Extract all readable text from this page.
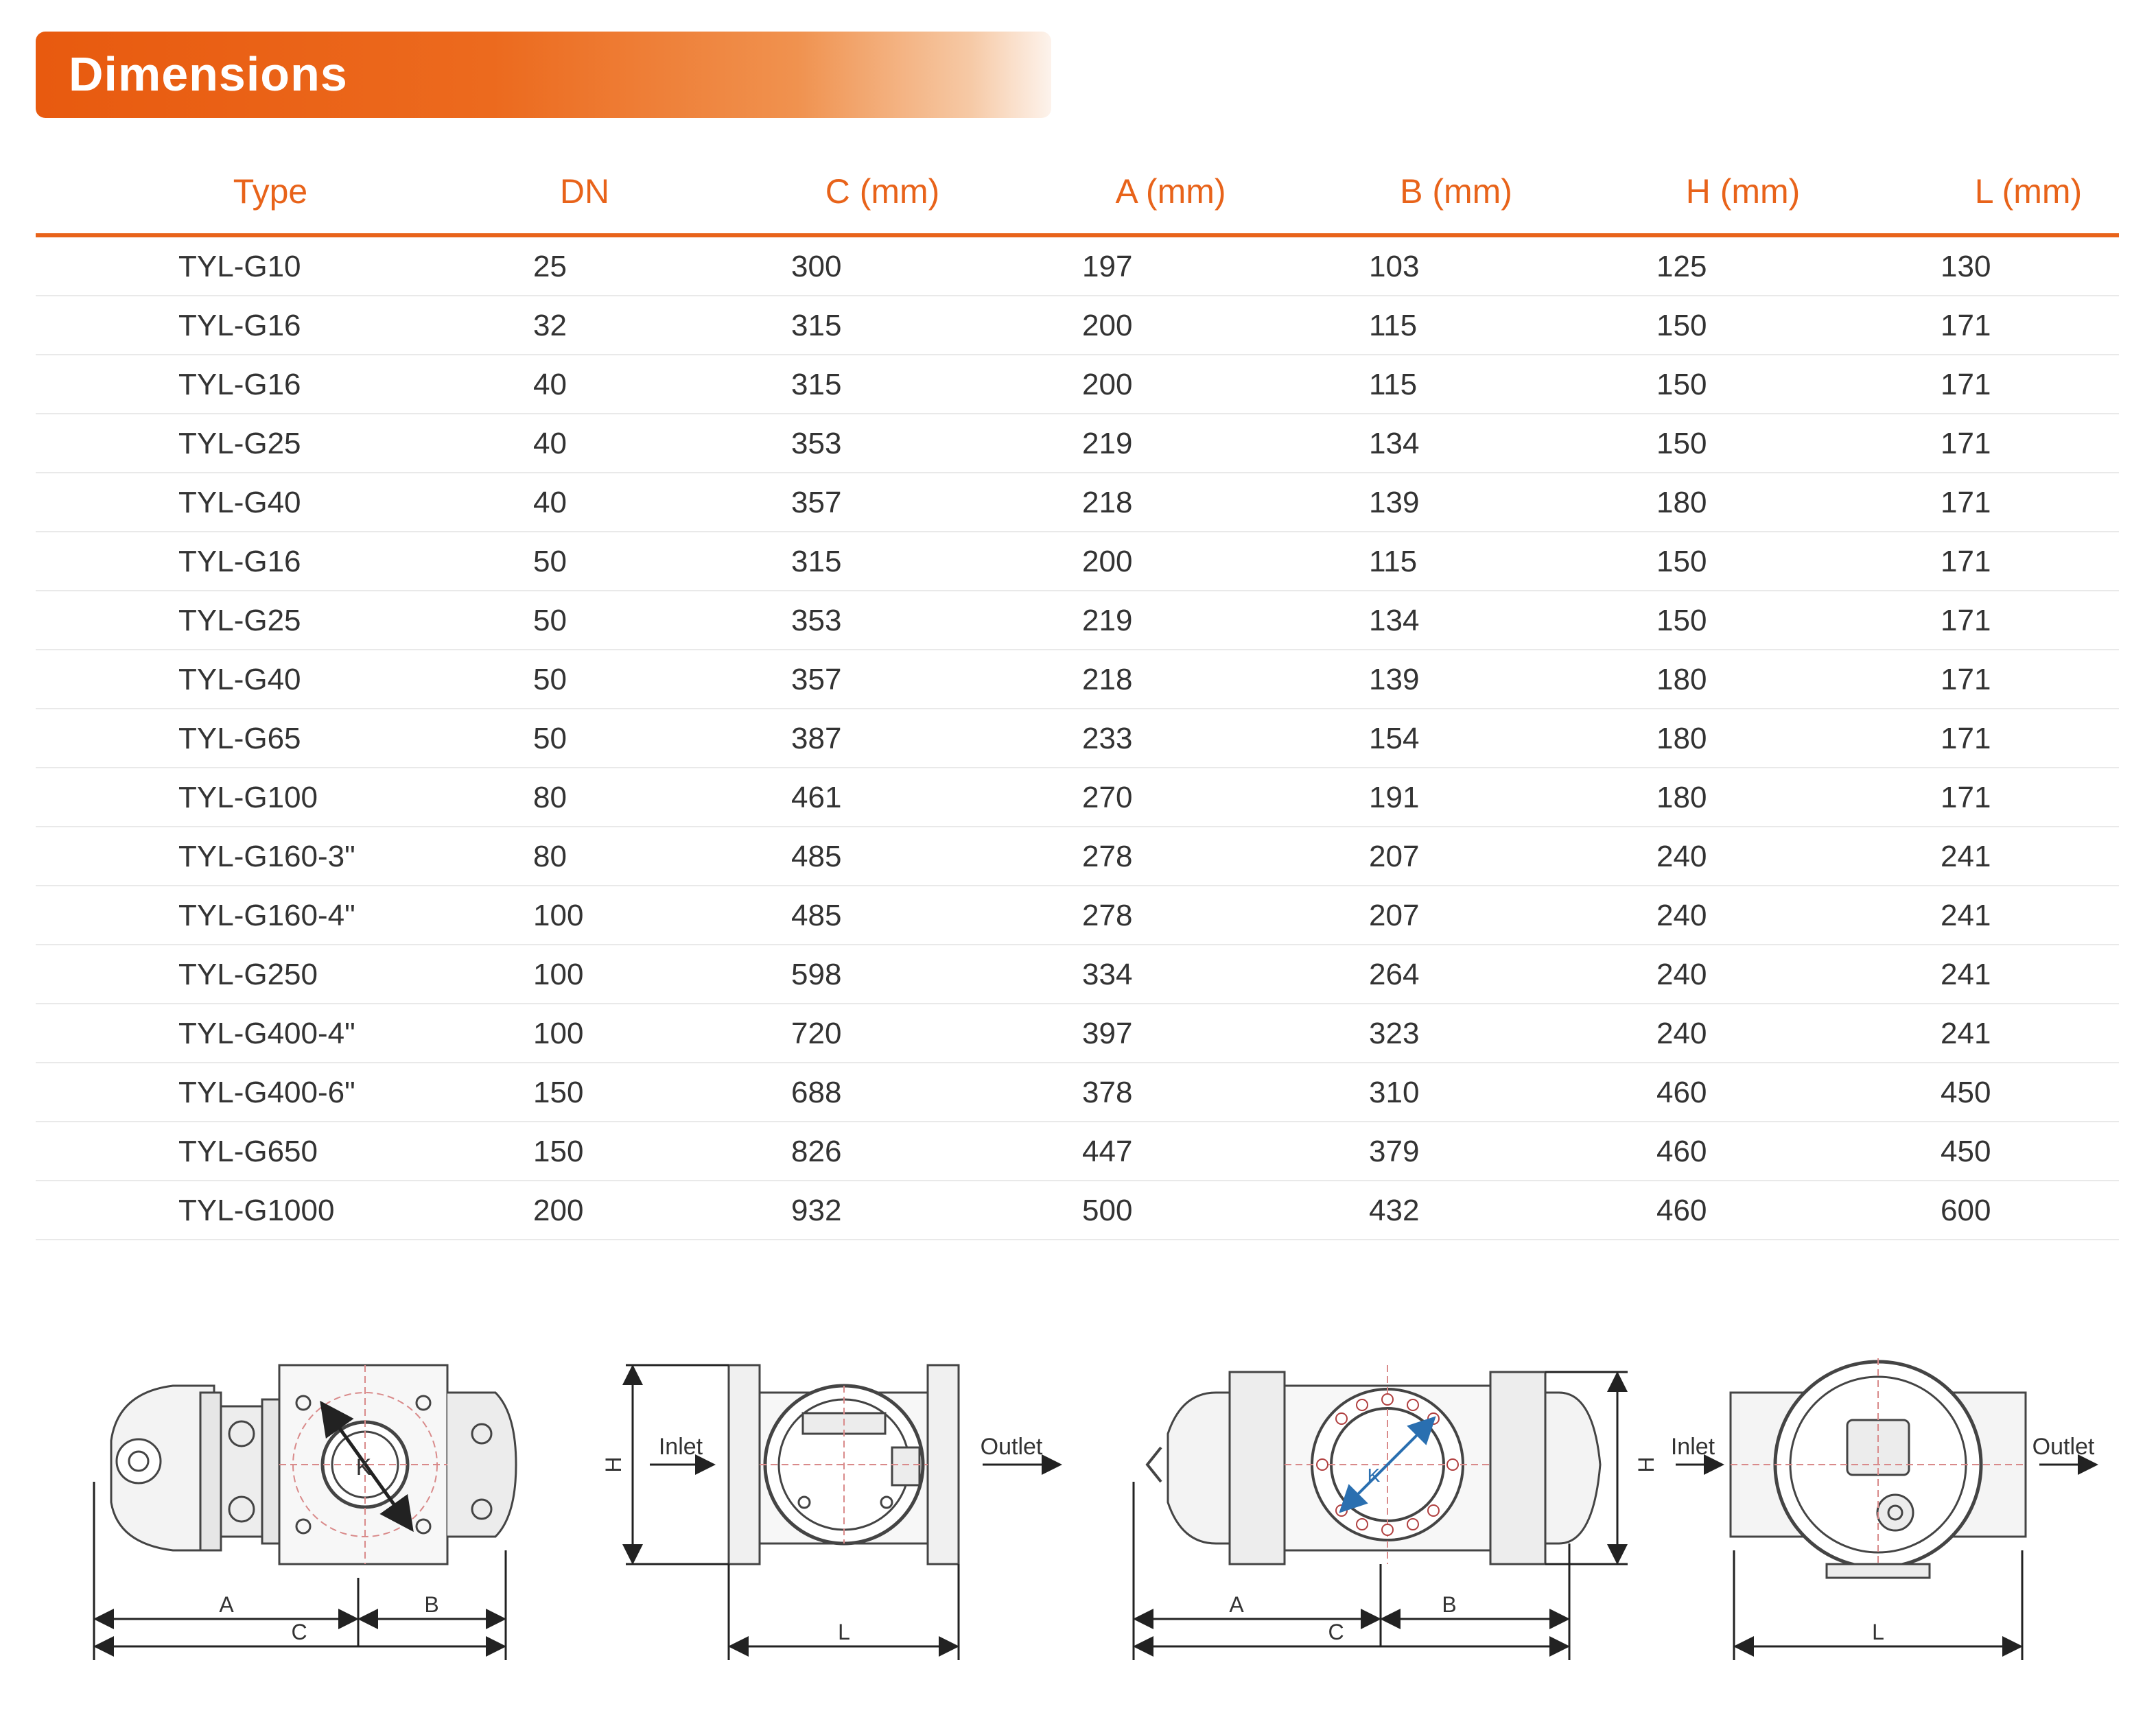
Dimensions
Type	DN	C (mm)	A (mm)	B (mm)	H (mm)	L (mm)
TYL-G10	25	300	197	103	125	130
TYL-G16	32	315	200	115	150	171
TYL-G16	40	315	200	115	150	171
TYL-G25	40	353	219	134	150	171
TYL-G40	40	357	218	139	180	171
TYL-G16	50	315	200	115	150	171
TYL-G25	50	353	219	134	150	171
TYL-G40	50	357	218	139	180	171
TYL-G65	50	387	233	154	180	171
TYL-G100	80	461	270	191	180	171
TYL-G160-3"	80	485	278	207	240	241
TYL-G160-4"	100	485	278	207	240	241
TYL-G250	100	598	334	264	240	241
TYL-G400-4"	100	720	397	323	240	241
TYL-G400-6"	150	688	378	310	460	450
TYL-G650	150	826	447	379	460	450
TYL-G1000	200	932	500	432	460	600
K
A	B
C
H
Inlet	Outlet
L
K	H
A	B
C
Inlet	Outlet
L
